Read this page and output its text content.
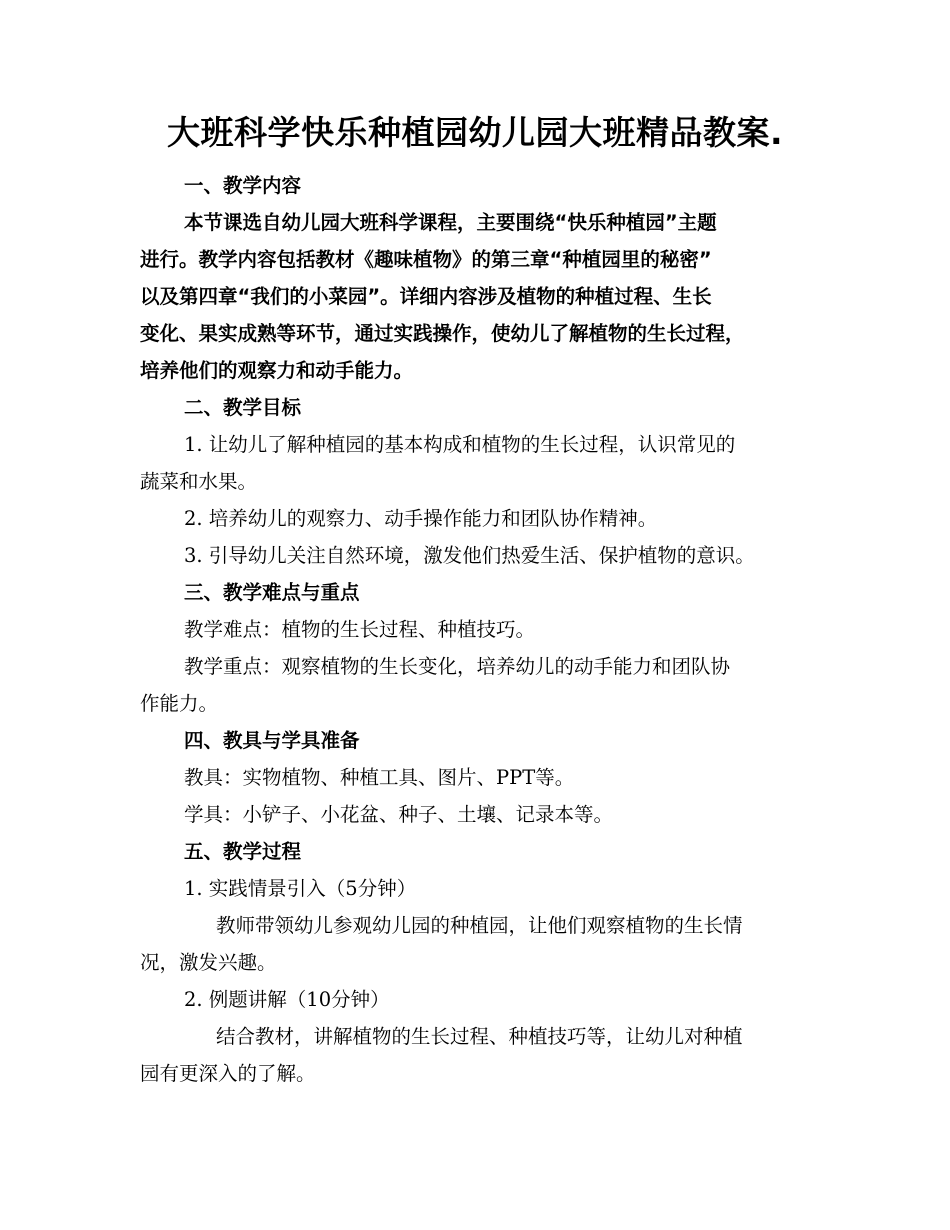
大班科学快乐种植园幼儿园大班精品教案.

一、教学内容

本节课选自幼儿园大班科学课程，主要围绕“快乐种植园”主题

进行。教学内容包括教材《趣味植物》的第三章“种植园里的秘密”

以及第四章“我们的小菜园”。详细内容涉及植物的种植过程、生长

变化、果实成熟等环节，通过实践操作，使幼儿了解植物的生长过程，

培养他们的观察力和动手能力。

二、教学目标

1. 让幼儿了解种植园的基本构成和植物的生长过程，认识常见的

蔬菜和水果。

2. 培养幼儿的观察力、动手操作能力和团队协作精神。

3. 引导幼儿关注自然环境，激发他们热爱生活、保护植物的意识。

三、教学难点与重点

教学难点：植物的生长过程、种植技巧。

教学重点：观察植物的生长变化，培养幼儿的动手能力和团队协

作能力。

四、教具与学具准备

教具：实物植物、种植工具、图片、PPT等。

学具：小铲子、小花盆、种子、土壤、记录本等。

五、教学过程

1. 实践情景引入（5分钟）

教师带领幼儿参观幼儿园的种植园，让他们观察植物的生长情

况，激发兴趣。

2. 例题讲解（10分钟）

结合教材，讲解植物的生长过程、种植技巧等，让幼儿对种植

园有更深入的了解。
